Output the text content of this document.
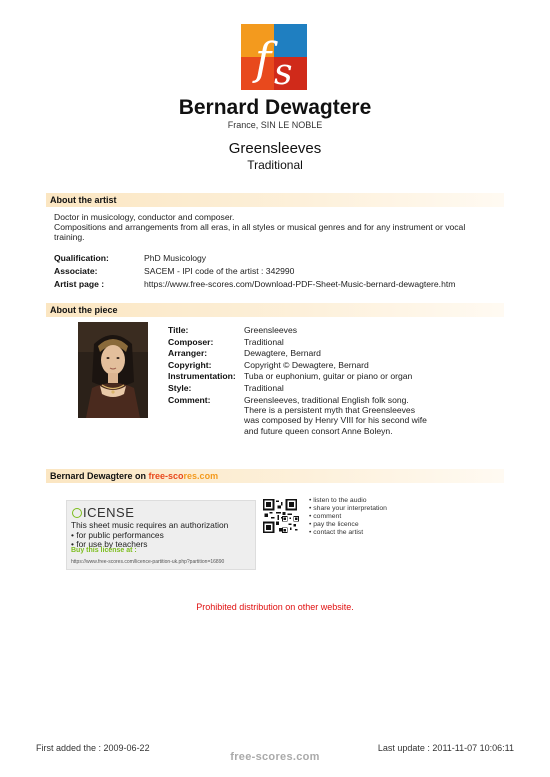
f s
Bernard Dewagtere
France, SIN LE NOBLE
Greensleeves
Traditional
About the artist
Doctor in musicology, conductor and composer.
Compositions and arrangements from all eras, in all styles or musical genres and for any instrument or vocal
training.
Qualification:	PhD Musicology
Associate:	SACEM - IPI code of the artist : 342990
Artist page :	https://www.free-scores.com/Download-PDF-Sheet-Music-bernard-dewagtere.htm
About the piece
Title:	Greensleeves
Composer:	Traditional
Arranger:	Dewagtere, Bernard
Copyright:	Copyright © Dewagtere, Bernard
Instrumentation: Tuba or euphonium, guitar or piano or organ
Style:	Traditional
Comment:	Greensleeves, traditional English folk song. There is a persistent myth that Greensleeves was composed by Henry VIII for his second wife and future queen consort Anne Boleyn.
Bernard Dewagtere on free-scores.com
ICENSE
This sheet music requires an authorization
• for public performances
• for use by teachers
Buy this license at :
https://www.free-scores.com/licence-partition-uk.php?partition=16890
• listen to the audio
• share your interpretation
• comment
• pay the licence
• contact the artist
Prohibited distribution on other website.
First added the : 2009-06-22	Last update : 2011-11-07 10:06:11
free-scores.com
